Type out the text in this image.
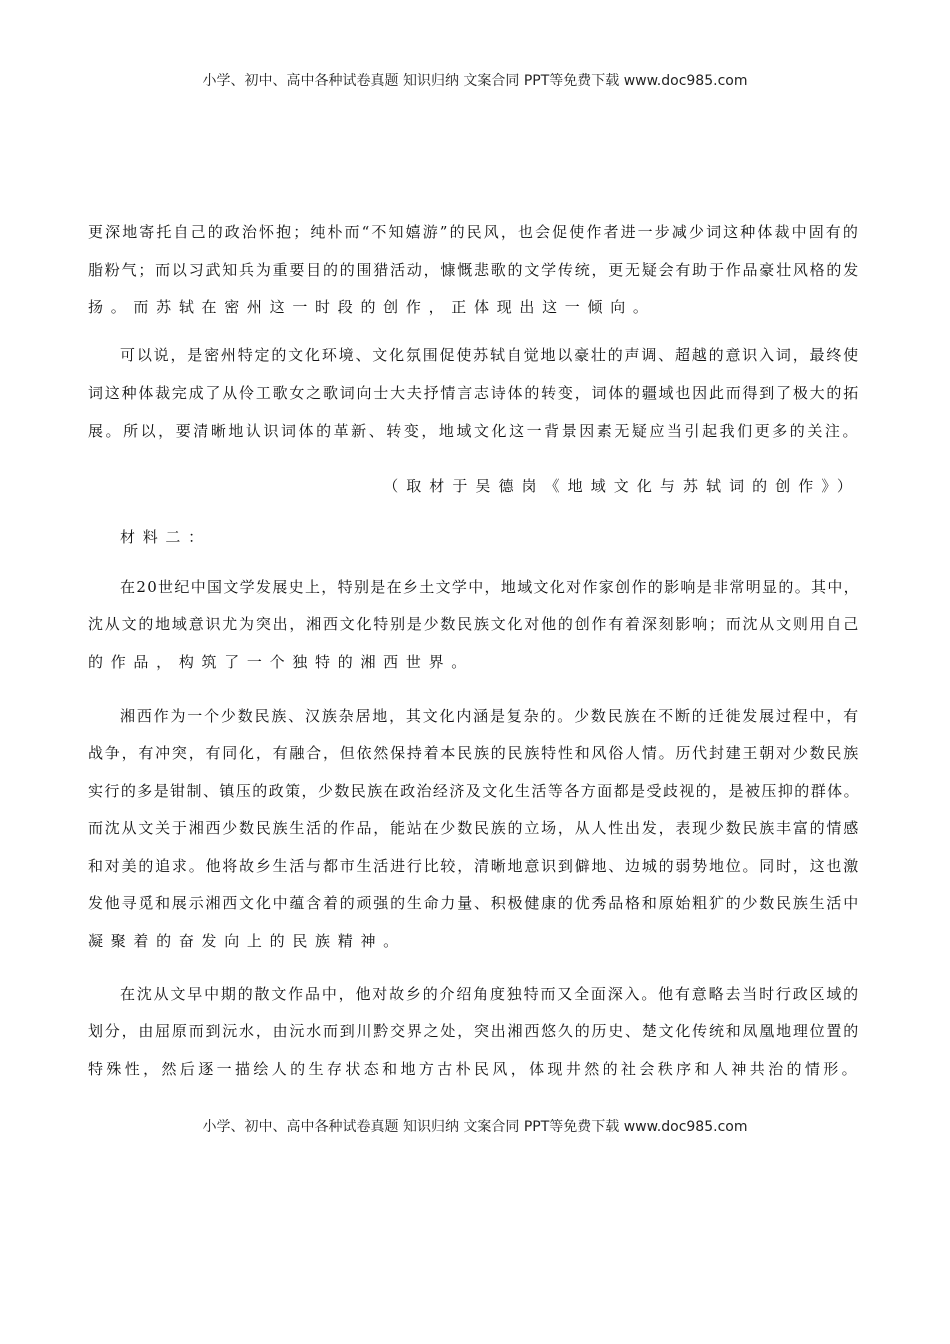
小学、初中、高中各种试卷真题 知识归纳 文案合同 PPT等免费下载 www.doc985.com
更深地寄托自己的政治怀抱；纯朴而“不知嬉游”的民风，也会促使作者进一步减少词这种体裁中固有的
脂粉气；而以习武知兵为重要目的的围猎活动，慷慨悲歌的文学传统，更无疑会有助于作品豪壮风格的发
扬。而苏轼在密州这一时段的创作，正体现出这一倾向。
可以说，是密州特定的文化环境、文化氛围促使苏轼自觉地以豪壮的声调、超越的意识入词，最终使
词这种体裁完成了从伶工歌女之歌词向士大夫抒情言志诗体的转变，词体的疆域也因此而得到了极大的拓
展。所以，要清晰地认识词体的革新、转变，地域文化这一背景因素无疑应当引起我们更多的关注。
（取材于吴德岗《地域文化与苏轼词的创作》）
材料二：
在20世纪中国文学发展史上，特别是在乡土文学中，地域文化对作家创作的影响是非常明显的。其中，
沈从文的地域意识尤为突出，湘西文化特别是少数民族文化对他的创作有着深刻影响；而沈从文则用自己
的作品，构筑了一个独特的湘西世界。
湘西作为一个少数民族、汉族杂居地，其文化内涵是复杂的。少数民族在不断的迁徙发展过程中，有
战争，有冲突，有同化，有融合，但依然保持着本民族的民族特性和风俗人情。历代封建王朝对少数民族
实行的多是钳制、镇压的政策，少数民族在政治经济及文化生活等各方面都是受歧视的，是被压抑的群体。
而沈从文关于湘西少数民族生活的作品，能站在少数民族的立场，从人性出发，表现少数民族丰富的情感
和对美的追求。他将故乡生活与都市生活进行比较，清晰地意识到僻地、边城的弱势地位。同时，这也激
发他寻觅和展示湘西文化中蕴含着的顽强的生命力量、积极健康的优秀品格和原始粗犷的少数民族生活中
凝聚着的奋发向上的民族精神。
在沈从文早中期的散文作品中，他对故乡的介绍角度独特而又全面深入。他有意略去当时行政区域的
划分，由屈原而到沅水，由沅水而到川黔交界之处，突出湘西悠久的历史、楚文化传统和凤凰地理位置的
特殊性，然后逐一描绘人的生存状态和地方古朴民风，体现井然的社会秩序和人神共治的情形。
小学、初中、高中各种试卷真题 知识归纳 文案合同 PPT等免费下载 www.doc985.com
